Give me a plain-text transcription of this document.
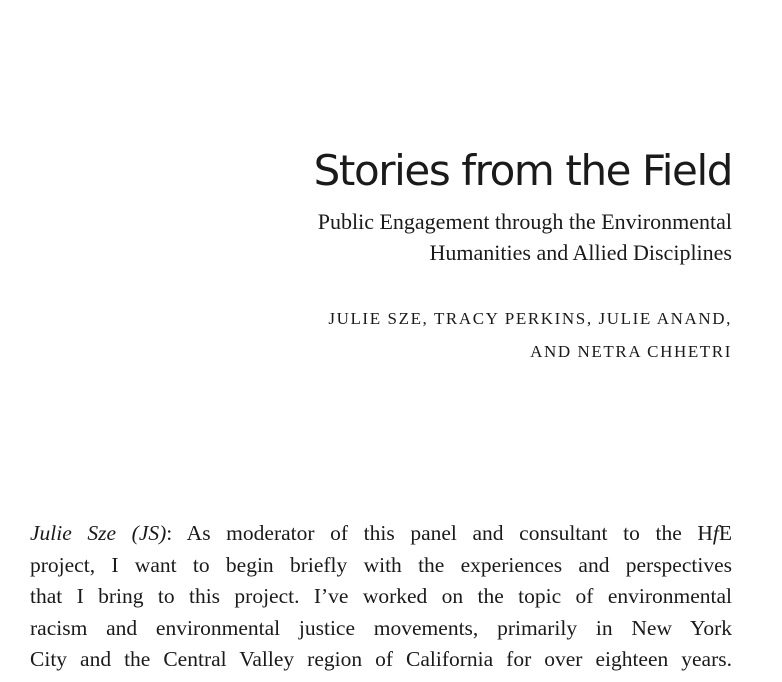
Stories from the Field
Public Engagement through the Environmental
Humanities and Allied Disciplines
JULIE SZE, TRACY PERKINS, JULIE ANAND,
AND NETRA CHHETRI
Julie Sze (JS): As moderator of this panel and consultant to the HfE
project, I want to begin briefly with the experiences and perspectives
that I bring to this project. I’ve worked on the topic of environmental
racism and environmental justice movements, primarily in New York
City and the Central Valley region of California for over eighteen years.
